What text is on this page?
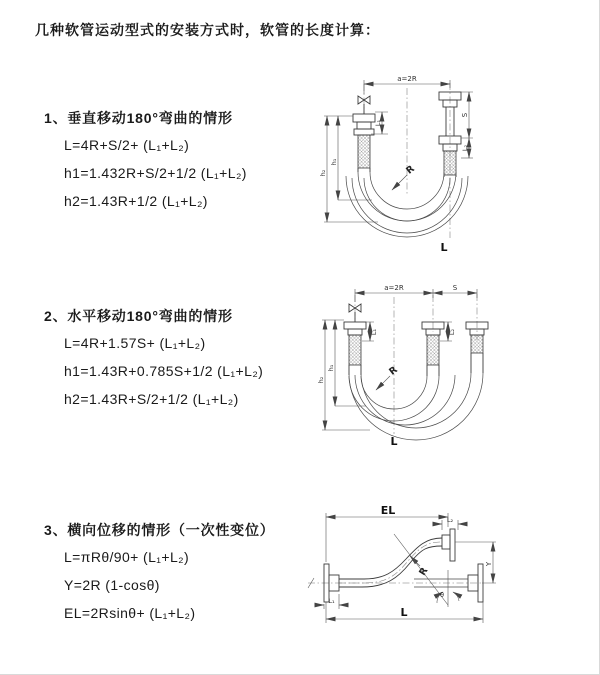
几种软管运动型式的安装方式时，软管的长度计算：
1、垂直移动180°弯曲的情形
L=4R+S/2+ (L₁+L₂)
h1=1.432R+S/2+1/2 (L₁+L₂)
h2=1.43R+1/2 (L₁+L₂)
2、水平移动180°弯曲的情形
L=4R+1.57S+ (L₁+L₂)
h1=1.43R+0.785S+1/2 (L₁+L₂)
h2=1.43R+S/2+1/2 (L₁+L₂)
3、横向位移的情形（一次性变位）
L=πRθ/90+ (L₁+L₂)
Y=2R (1-cosθ)
EL=2Rsinθ+ (L₁+L₂)
a=2R
L₁
S
L₂
h₂
h₁
R
L
a=2R	S
L₁	L₂
h₂
h₁	R
L
EL
L₂
Y
L
L₁
R
θ
